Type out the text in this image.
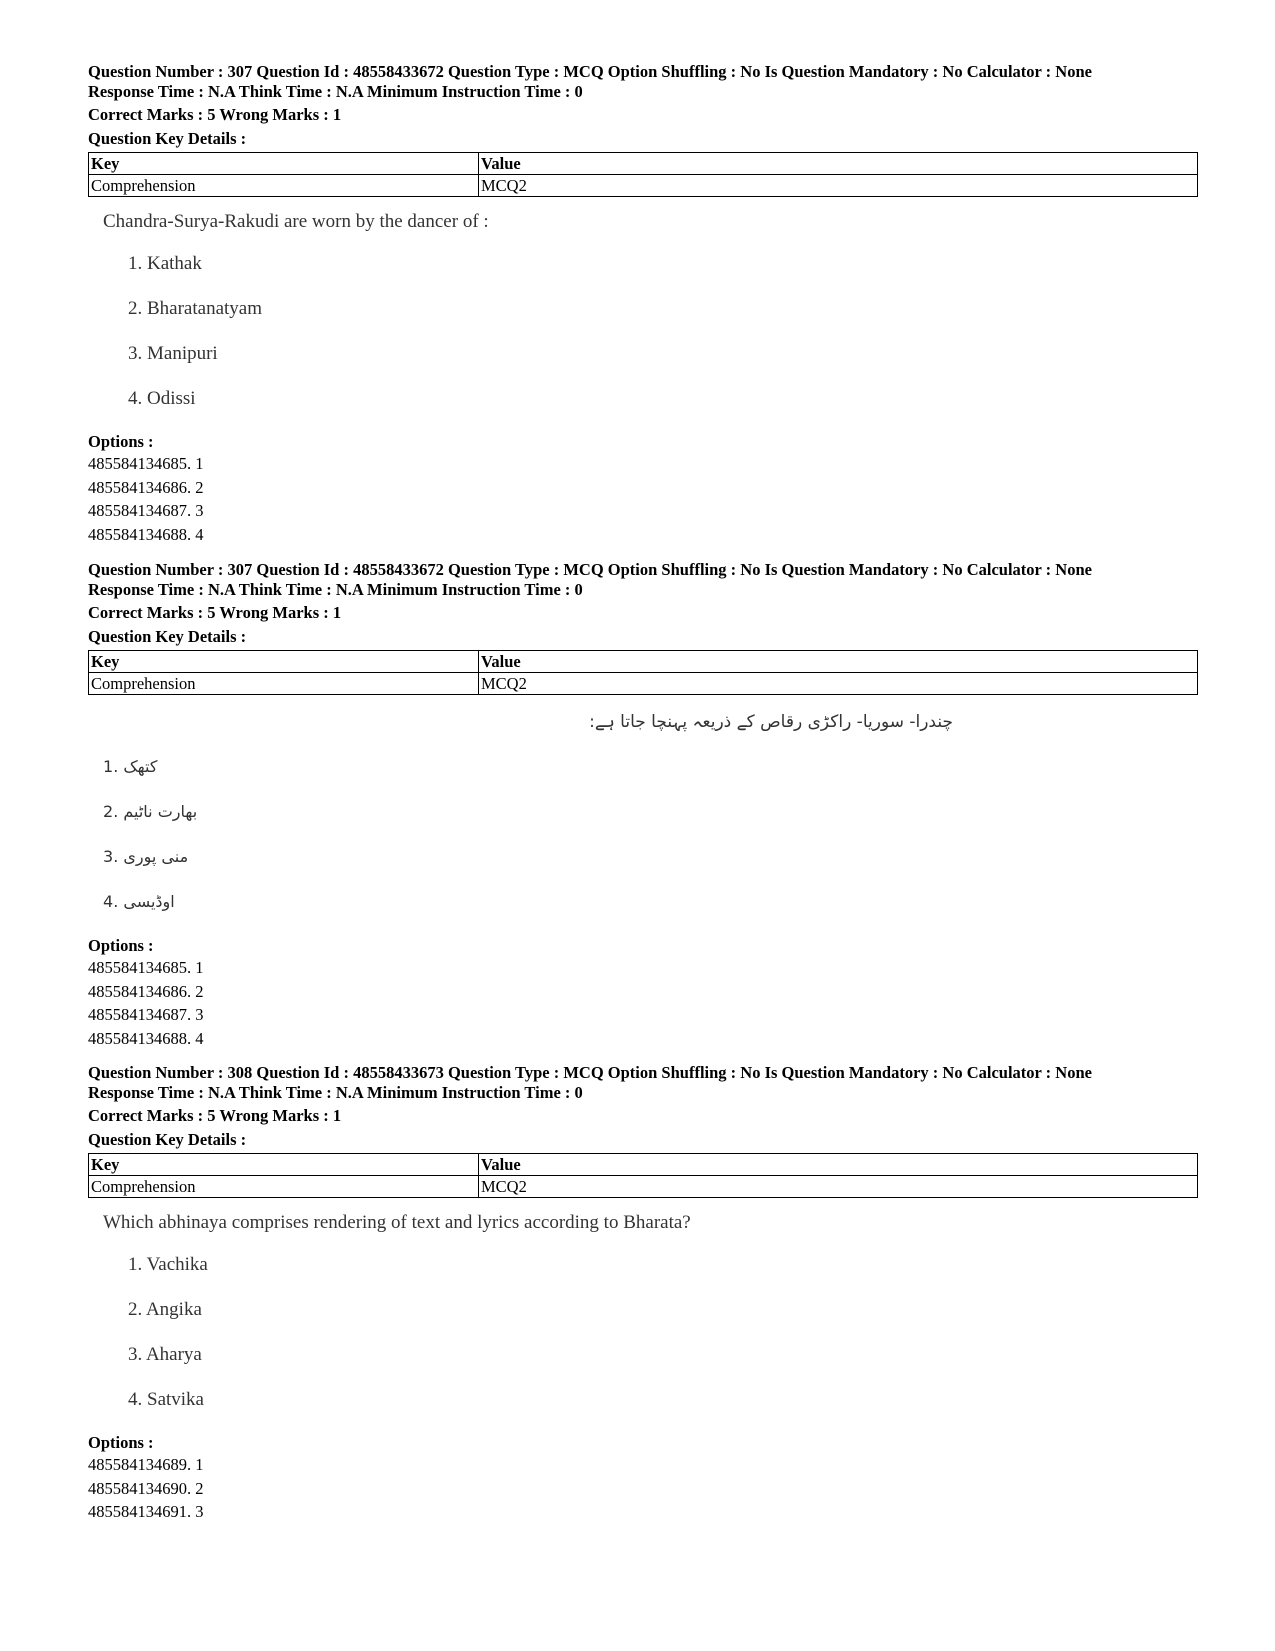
Question Number : 307 Question Id : 48558433672 Question Type : MCQ Option Shuffling : No Is Question Mandatory : No Calculator : None
Response Time : N.A Think Time : N.A Minimum Instruction Time : 0
Correct Marks : 5 Wrong Marks : 1
Question Key Details :
Key	Value
Comprehension	MCQ2
Chandra-Surya-Rakudi are worn by the dancer of :
1. Kathak
2. Bharatanatyam
3. Manipuri
4. Odissi
Options :
485584134685. 1
485584134686. 2
485584134687. 3
485584134688. 4
Question Number : 307 Question Id : 48558433672 Question Type : MCQ Option Shuffling : No Is Question Mandatory : No Calculator : None
Response Time : N.A Think Time : N.A Minimum Instruction Time : 0
Correct Marks : 5 Wrong Marks : 1
Question Key Details :
Key	Value
Comprehension	MCQ2
چندرا- سوریا- راکڑی رقاص کے ذریعہ پہنچا جاتا ہے:
کتھک .1
بھارت ناٹیم .2
منی پوری .3
اوڈیسی .4
Options :
485584134685. 1
485584134686. 2
485584134687. 3
485584134688. 4
Question Number : 308 Question Id : 48558433673 Question Type : MCQ Option Shuffling : No Is Question Mandatory : No Calculator : None
Response Time : N.A Think Time : N.A Minimum Instruction Time : 0
Correct Marks : 5 Wrong Marks : 1
Question Key Details :
Key	Value
Comprehension	MCQ2
Which abhinaya comprises rendering of text and lyrics according to Bharata?
1. Vachika
2. Angika
3. Aharya
4. Satvika
Options :
485584134689. 1
485584134690. 2
485584134691. 3
